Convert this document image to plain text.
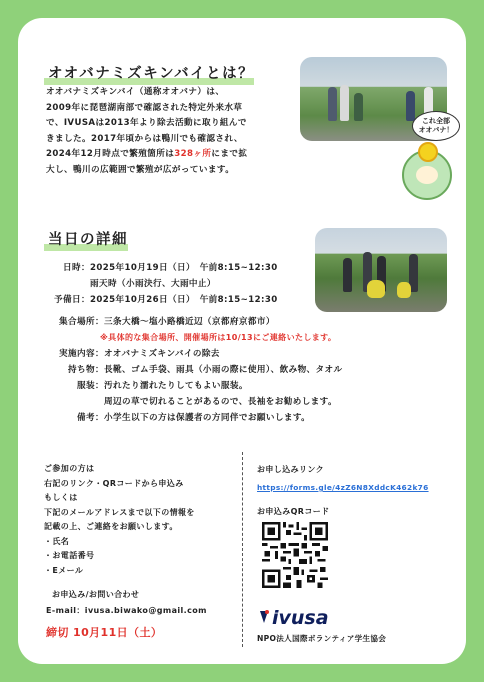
オオバナミズキンバイとは？
オオバナミズキンバイ（通称オオバナ）は、
2009年に琵琶湖南部で確認された特定外来水草
で、IVUSAは2013年より除去活動に取り組んで
きました。2017年頃からは鴨川でも確認され、
2024年12月時点で繁殖箇所は328ヶ所にまで拡
大し、鴨川の広範囲で繁殖が広がっています。
これ全部
オオバナ！
当日の詳細
日時：2025年10月19日（日）　午前8:15~12:30
雨天時（小雨決行、大雨中止）
予備日：2025年10月26日（日）　午前8:15~12:30
集合場所：三条大橋～塩小路橋近辺（京都府京都市）
※具体的な集合場所、開催場所は10/13にご連絡いたします。
実施内容：オオバナミズキンバイの除去
持ち物：長靴、ゴム手袋、雨具（小雨の際に使用）、飲み物、タオル
服装：汚れたり濡れたりしてもよい服装。
周辺の草で切れることがあるので、長袖をお勧めします。
備考：小学生以下の方は保護者の方同伴でお願いします。
ご参加の方は
右記のリンク・QRコードから申込み
もしくは
下記のメールアドレスまで以下の情報を
記載の上、ご連絡をお願いします。
・氏名
・お電話番号
・Eメール
お申込み/お問い合わせ
E-mail：ivusa.biwako@gmail.com
締切 10月11日（土）
お申し込みリンク
https://forms.gle/4zZ6N8XddcK462k76
お申込みQRコード
ivusa
NPO法人国際ボランティア学生協会
